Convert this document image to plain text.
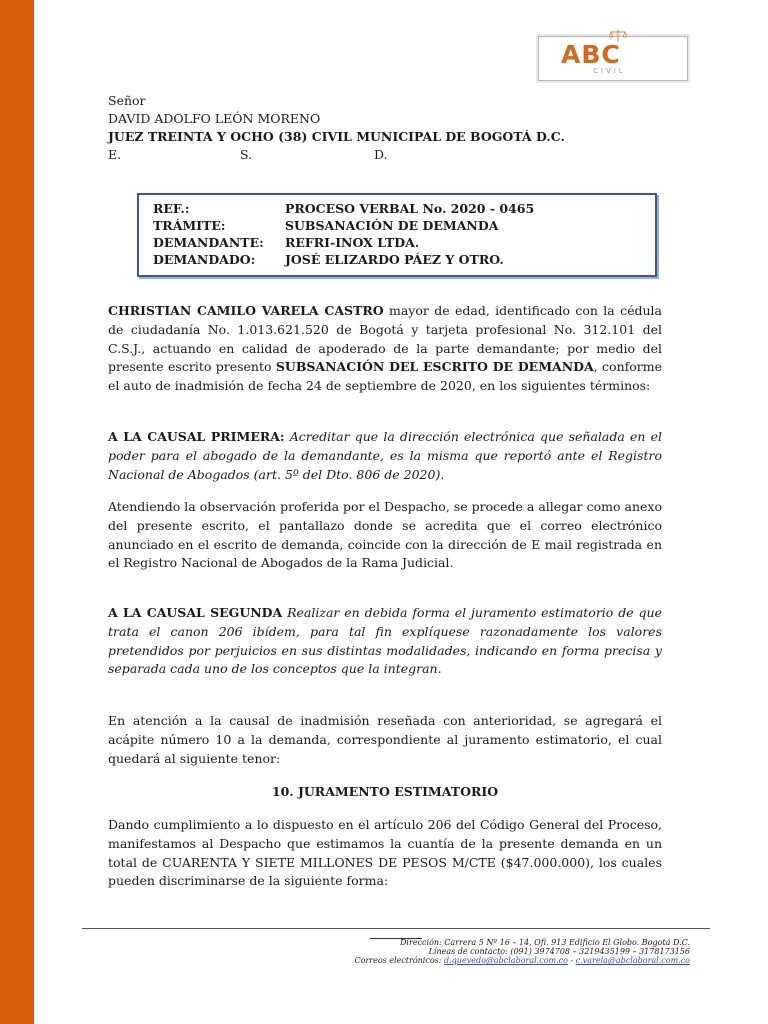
ABC
CIVIL
Señor
DAVID ADOLFO LEÓN MORENO
JUEZ TREINTA Y OCHO (38) CIVIL MUNICIPAL DE BOGOTÁ D.C.
E.	S.	D.
REF.:	PROCESO VERBAL No. 2020 - 0465
TRÁMITE:	SUBSANACIÓN DE DEMANDA
DEMANDANTE: REFRI-INOX LTDA.
DEMANDADO: JOSÉ ELIZARDO PÁEZ Y OTRO.
CHRISTIAN CAMILO VARELA CASTRO mayor de edad, identificado con la cédula de ciudadanía No. 1.013.621.520 de Bogotá y tarjeta profesional No. 312.101 del C.S.J., actuando en calidad de apoderado de la parte demandante; por medio del presente escrito presento SUBSANACIÓN DEL ESCRITO DE DEMANDA, conforme el auto de inadmisión de fecha 24 de septiembre de 2020, en los siguientes términos:
A LA CAUSAL PRIMERA: Acreditar que la dirección electrónica que señalada en el poder para el abogado de la demandante, es la misma que reportó ante el Registro Nacional de Abogados (art. 5º del Dto. 806 de 2020).
Atendiendo la observación proferida por el Despacho, se procede a allegar como anexo del presente escrito, el pantallazo donde se acredita que el correo electrónico anunciado en el escrito de demanda, coincide con la dirección de E mail registrada en el Registro Nacional de Abogados de la Rama Judicial.
A LA CAUSAL SEGUNDA Realizar en debida forma el juramento estimatorio de que trata el canon 206 ibídem, para tal fin explíquese razonadamente los valores pretendidos por perjuicios en sus distintas modalidades, indicando en forma precisa y separada cada uno de los conceptos que la integran.
En atención a la causal de inadmisión reseñada con anterioridad, se agregará el acápite número 10 a la demanda, correspondiente al juramento estimatorio, el cual quedará al siguiente tenor:
10. JURAMENTO ESTIMATORIO
Dando cumplimiento a lo dispuesto en el artículo 206 del Código General del Proceso, manifestamos al Despacho que estimamos la cuantía de la presente demanda en un total de CUARENTA Y SIETE MILLONES DE PESOS M/CTE ($47.000.000), los cuales pueden discriminarse de la siguiente forma:
Dirección: Carrera 5 Nº 16 – 14, Ofi. 913 Edificio El Globo. Bogotá D.C.
Líneas de contacto: (091) 3974708 – 3219435199 – 3178173156
Correos electrónicos: d.quevedo@abclaboral.com.co - c.varela@abclaboral.com.co
